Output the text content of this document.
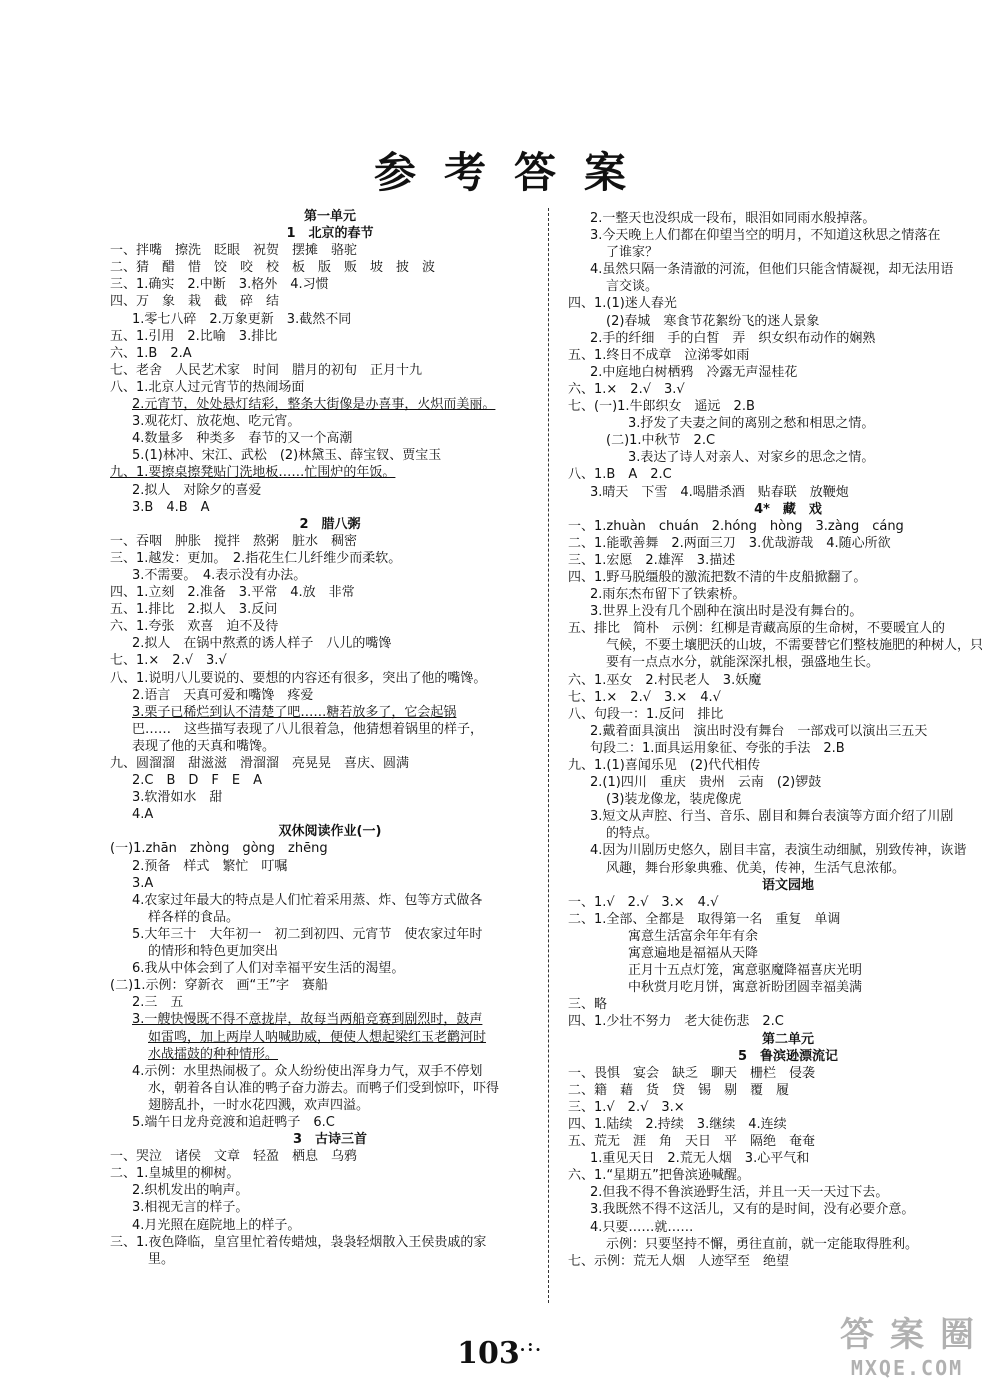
参考答案
第一单元
1　北京的春节
一、拌嘴　擦洗　眨眼　祝贺　摆摊　骆驼
二、猜　醋　惜　饺　咬　校　板　版　贩　坡　披　波
三、1.确实　2.中断　3.格外　4.习惯
四、万　象　栽　截　碎　结
1.零七八碎　2.万象更新　3.截然不同
五、1.引用　2.比喻　3.排比
六、1.B　2.A
七、老舍　人民艺术家　时间　腊月的初旬　正月十九
八、1.北京人过元宵节的热闹场面
2.元宵节，处处悬灯结彩，整条大街像是办喜事，火炽而美丽。
3.观花灯、放花炮、吃元宵。
4.数量多　种类多　春节的又一个高潮
5.(1)林冲、宋江、武松　(2)林黛玉、薛宝钗、贾宝玉
九、1.要擦桌擦凳贴门洗地板……忙围炉的年饭。
2.拟人　对除夕的喜爱
3.B　4.B　A
2　腊八粥
一、吞咽　肿胀　搅拌　熬粥　脏水　稠密
三、1.越发：更加。　2.指花生仁儿纤维少而柔软。
3.不需要。　4.表示没有办法。
四、1.立刻　2.准备　3.平常　4.放　非常
五、1.排比　2.拟人　3.反问
六、1.夸张　欢喜　迫不及待
2.拟人　在锅中熬煮的诱人样子　八儿的嘴馋
七、1.×　2.√　3.√
八、1.说明八儿要说的、要想的内容还有很多，突出了他的嘴馋。
2.语言　天真可爱和嘴馋　疼爱
3.栗子已稀烂到认不清楚了吧……糖若放多了，它会起锅
巴……　这些描写表现了八儿很着急，他猜想着锅里的样子，
表现了他的天真和嘴馋。
九、圆溜溜　甜滋滋　滑溜溜　亮晃晃　喜庆、圆满
2.C　B　D　F　E　A
3.软滑如水　甜
4.A
双休阅读作业(一)
(一)1.zhān　zhòng　gòng　zhēng
2.预备　样式　繁忙　叮嘱
3.A
4.农家过年最大的特点是人们忙着采用蒸、炸、包等方式做各
样各样的食品。
5.大年三十　大年初一　初二到初四、元宵节　使农家过年时
的情形和特色更加突出
6.我从中体会到了人们对幸福平安生活的渴望。
(二)1.示例：穿新衣　画“王”字　赛船
2.三　五
3.一艘快慢既不得不意拢岸，故每当两船竞赛到剧烈时，鼓声
如雷鸣，加上两岸人呐喊助威，便使人想起梁红玉老鹳河时
水战擂鼓的种种情形。
4.示例：水里热闹极了。众人纷纷使出浑身力气，双手不停划
水，朝着各自认准的鸭子奋力游去。而鸭子们受到惊吓，吓得
翅膀乱扑，一时水花四溅，欢声四溢。
5.端午日龙舟竞渡和追赶鸭子　6.C
3　古诗三首
一、哭泣　诸侯　文章　轻盈　栖息　乌鸦
二、1.皇城里的柳树。
2.织机发出的响声。
3.相视无言的样子。
4.月光照在庭院地上的样子。
三、1.夜色降临，皇宫里忙着传蜡烛，袅袅轻烟散入王侯贵戚的家
里。
2.一整天也没织成一段布，眼泪如同雨水般掉落。
3.今天晚上人们都在仰望当空的明月，不知道这秋思之情落在
了谁家？
4.虽然只隔一条清澈的河流，但他们只能含情凝视，却无法用语
言交谈。
四、1.(1)迷人春光
(2)春城　寒食节花絮纷飞的迷人景象
2.手的纤细　手的白皙　弄　织女织布动作的娴熟
五、1.终日不成章　泣涕零如雨
2.中庭地白树栖鸦　冷露无声湿桂花
六、1.×　2.√　3.√
七、(一)1.牛郎织女　遥远　2.B
3.抒发了夫妻之间的离别之愁和相思之情。
(二)1.中秋节　2.C
3.表达了诗人对亲人、对家乡的思念之情。
八、1.B　A　2.C
3.晴天　下雪　4.喝腊杀酒　贴春联　放鞭炮
4*　藏　戏
一、1.zhuàn　chuán　2.hóng　hòng　3.zàng　cáng
二、1.能歌善舞　2.两面三刀　3.优哉游哉　4.随心所欲
三、1.宏愿　2.雄浑　3.描述
四、1.野马脱缰般的激流把数不清的牛皮船掀翻了。
2.雨东杰布留下了铁索桥。
3.世界上没有几个剧种在演出时是没有舞台的。
五、排比　简朴　示例：红柳是青藏高原的生命树，不要暖宜人的
气候，不要土壤肥沃的山坡，不需要替它们整枝施肥的种树人，只
要有一点点水分，就能深深扎根，强盛地生长。
六、1.巫女　2.村民老人　3.妖魔
七、1.×　2.√　3.×　4.√
八、句段一：1.反问　排比
2.戴着面具演出　演出时没有舞台　一部戏可以演出三五天
句段二：1.面具运用象征、夸张的手法　2.B
九、1.(1)喜闻乐见　(2)代代相传
2.(1)四川　重庆　贵州　云南　(2)锣鼓
(3)装龙像龙，装虎像虎
3.短文从声腔、行当、音乐、剧目和舞台表演等方面介绍了川剧
的特点。
4.因为川剧历史悠久，剧目丰富，表演生动细腻，别致传神，诙谐
风趣，舞台形象典雅、优美，传神，生活气息浓郁。
语文园地
一、1.√　2.√　3.×　4.√
二、1.全部、全都是　取得第一名　重复　单调
寓意生活富余年年有余
寓意遍地是福福从天降
正月十五点灯笼，寓意驱魔降福喜庆光明
中秋赏月吃月饼，寓意祈盼团圆幸福美满
三、略
四、1.少壮不努力　老大徒伤悲　2.C
第二单元
5　鲁滨逊漂流记
一、畏惧　宴会　缺乏　聊天　栅栏　侵袭
二、籍　藉　货　贷　锡　剔　覆　履
三、1.√　2.√　3.×
四、1.陆续　2.持续　3.继续　4.连续
五、荒无　涯　角　天日　平　隔绝　奄奄
1.重见天日　2.荒无人烟　3.心平气和
六、1.“星期五”把鲁滨逊喊醒。
2.但我不得不鲁滨逊野生活，并且一天一天过下去。
3.我既然不得不这活儿，又有的是时间，没有必要介意。
4.只要……就……
示例：只要坚持不懈，勇往直前，就一定能取得胜利。
七、示例：荒无人烟　人迹罕至　绝望
103.:.	答 案 圈
MXQE.COM
